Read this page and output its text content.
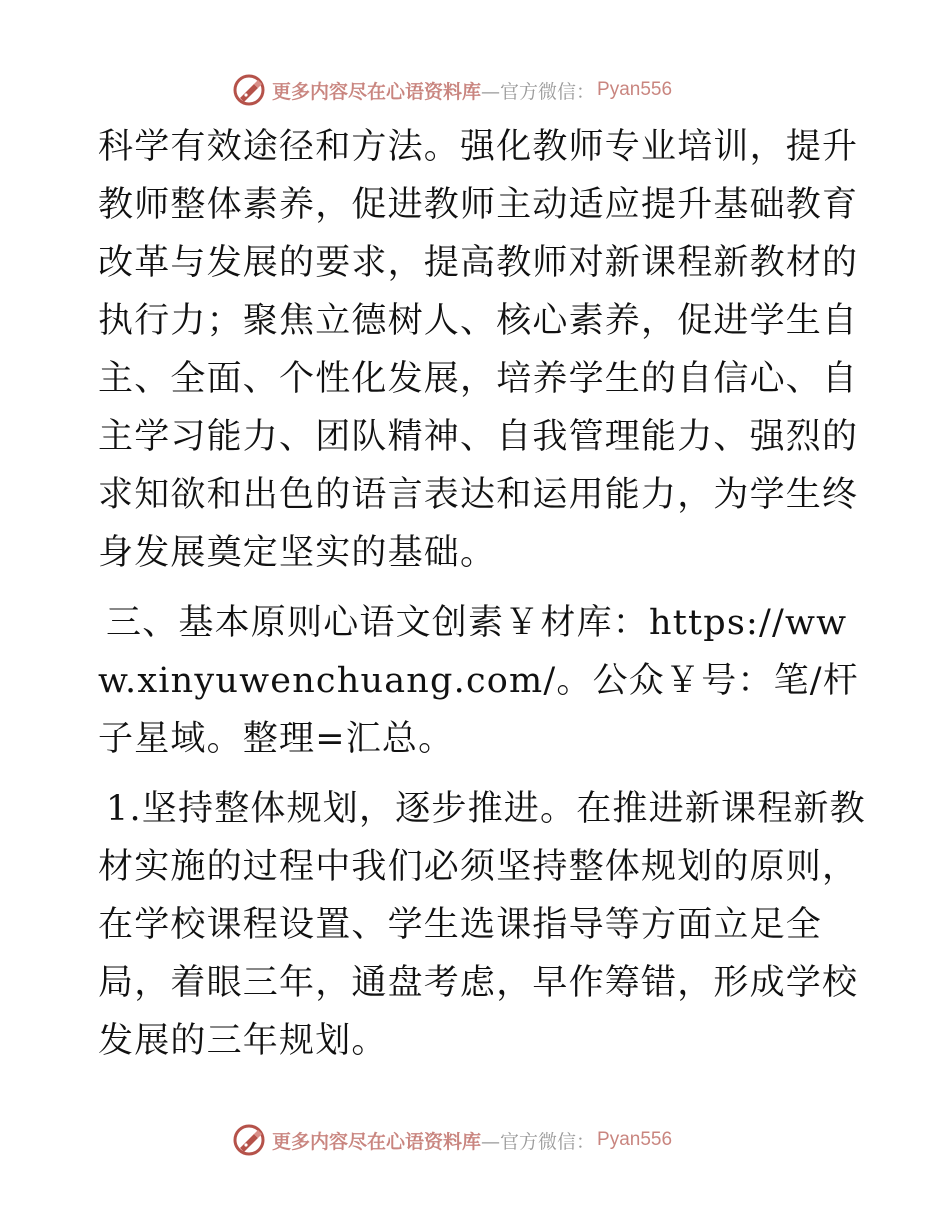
更多内容尽在心语资料库 —官方微信： Pyan556

科学有效途径和方法。强化教师专业培训，提升教师整体素养，促进教师主动适应提升基础教育改革与发展的要求，提高教师对新课程新教材的执行力；聚焦立德树人、核心素养，促进学生自主、全面、个性化发展，培养学生的自信心、自主学习能力、团队精神、自我管理能力、强烈的求知欲和出色的语言表达和运用能力，为学生终身发展奠定坚实的基础。

三、基本原则心语文创素￥材库：https://www.xinyuwenchuang.com/。公众￥号：笔/杆子星域。整理=汇总。

1.坚持整体规划，逐步推进。在推进新课程新教材实施的过程中我们必须坚持整体规划的原则，在学校课程设置、学生选课指导等方面立足全局，着眼三年，通盘考虑，早作筹错，形成学校发展的三年规划。

更多内容尽在心语资料库 —官方微信： Pyan556
